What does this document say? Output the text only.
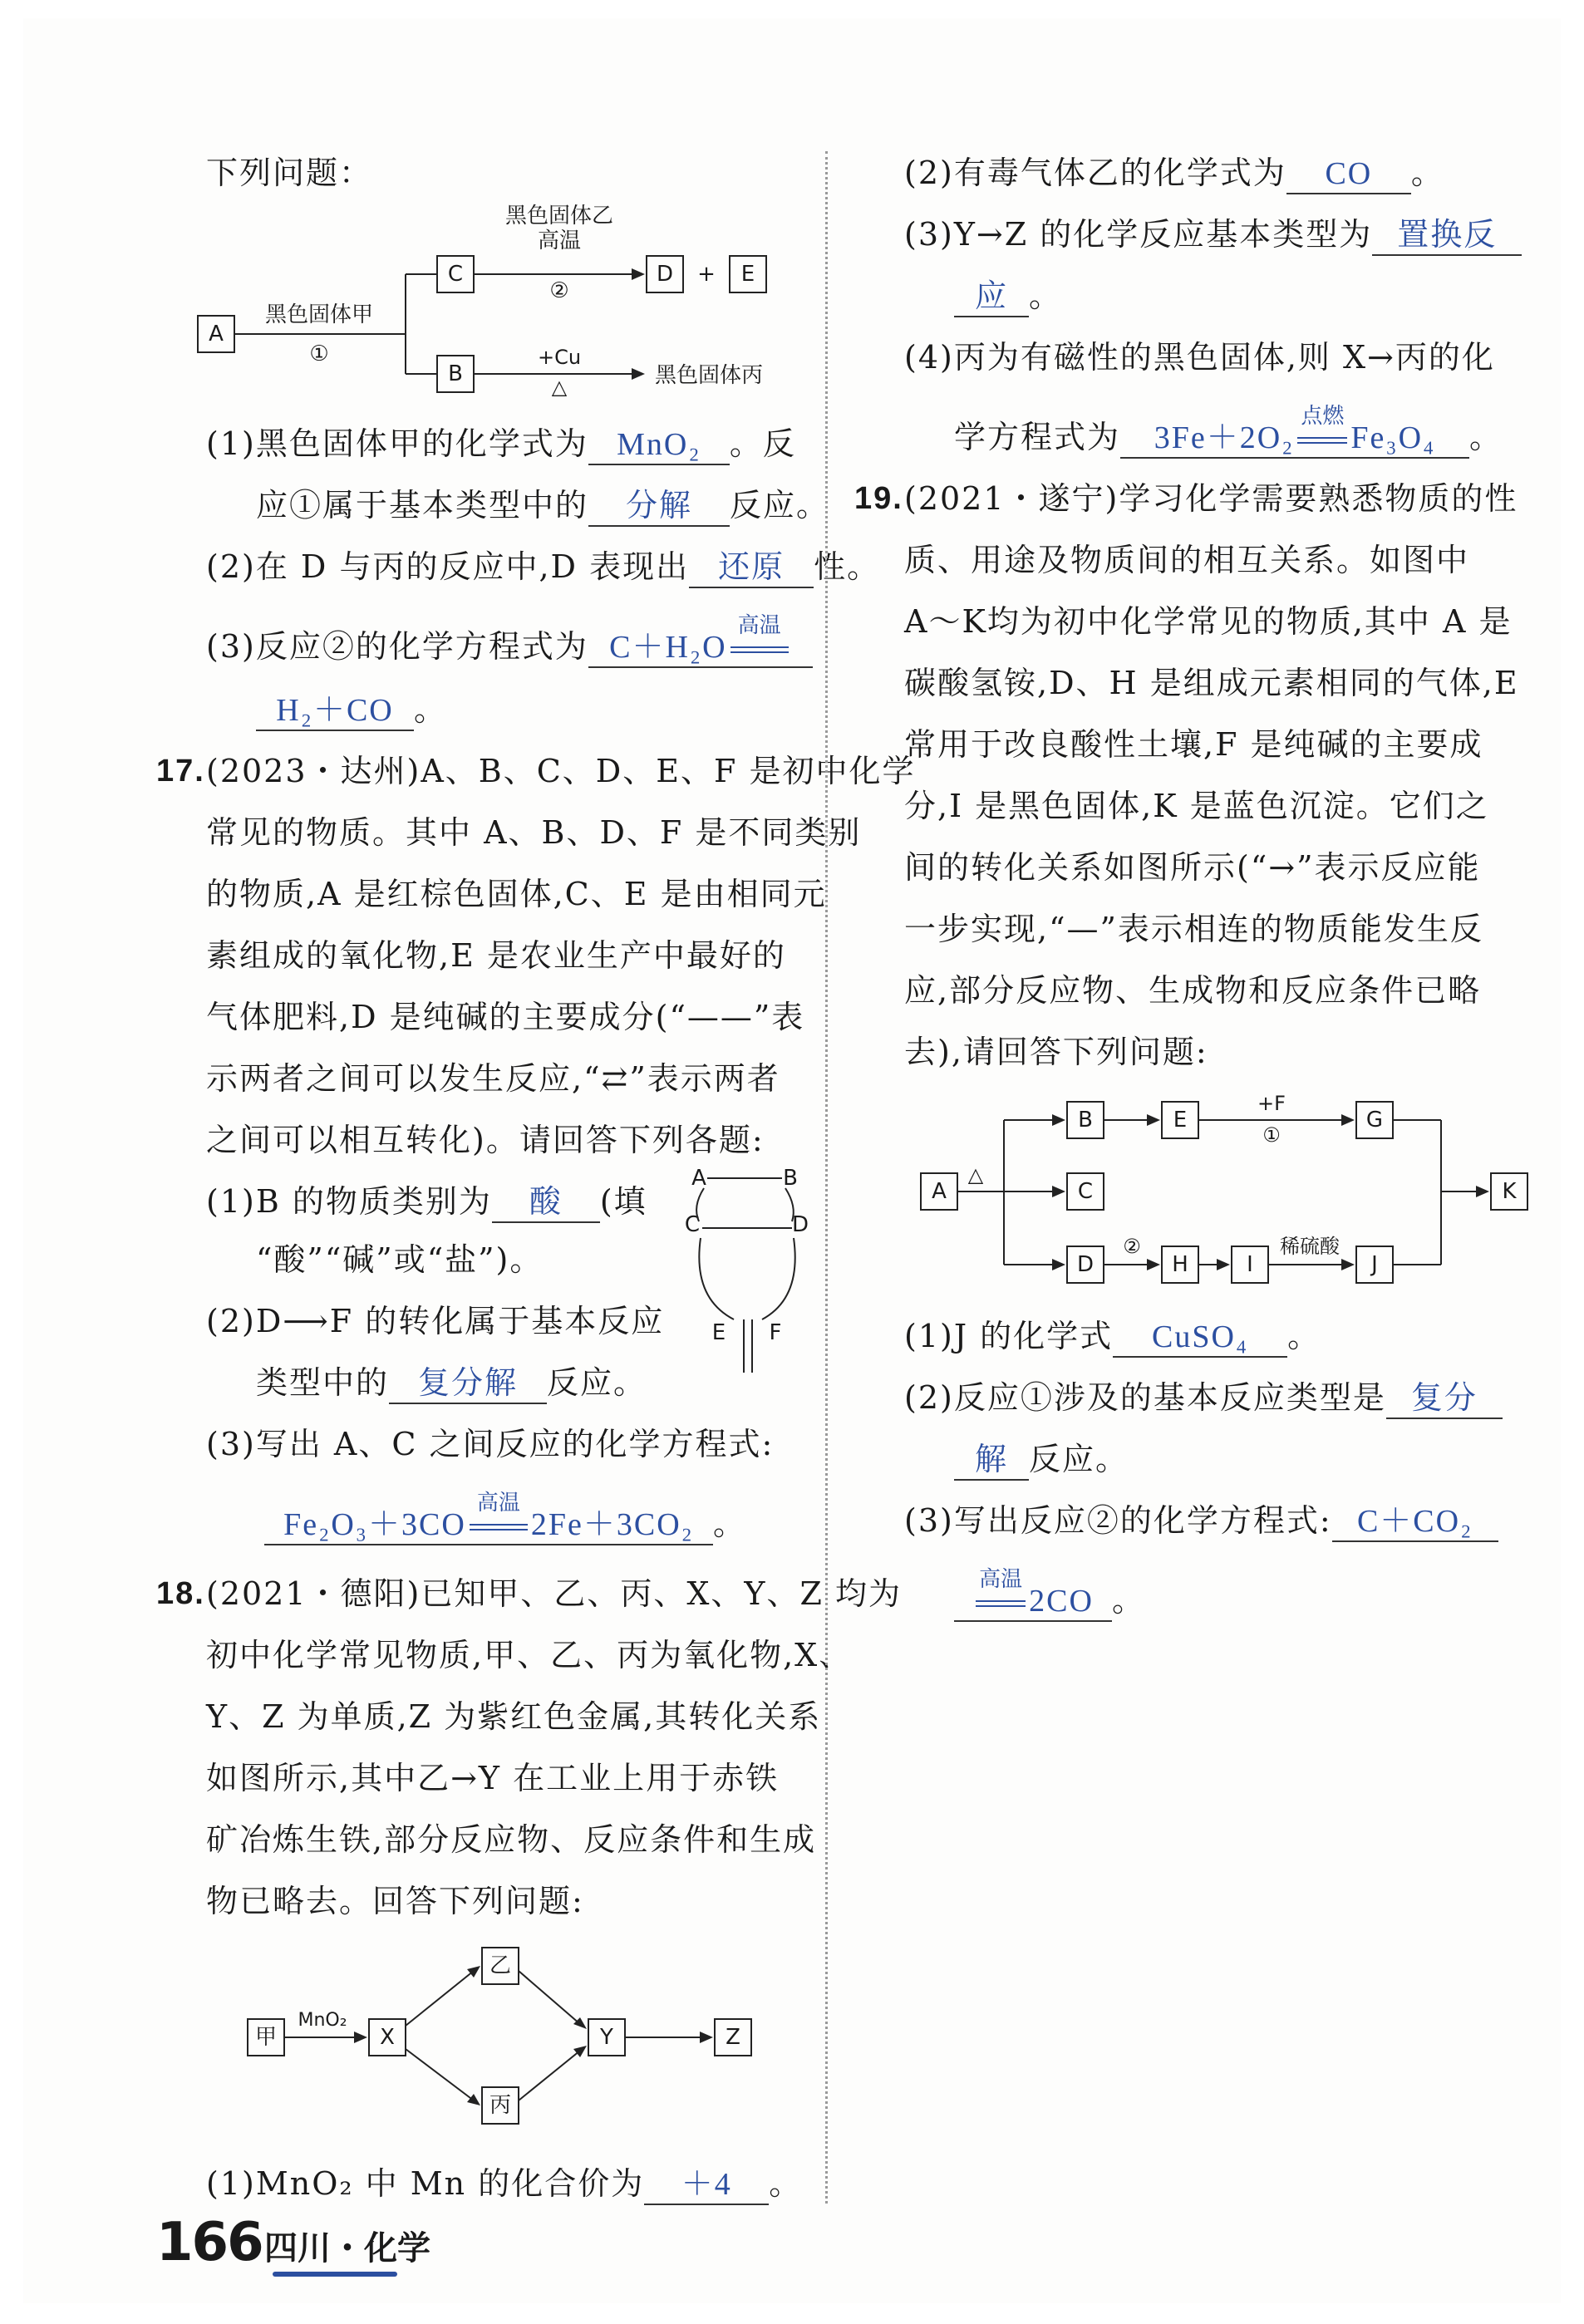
下列问题：
A
黑色固体甲
①
C
B
黑色固体乙
高温
②
D + E
+Cu
△	黑色固体丙
(1)黑色固体甲的化学式为 MnO₂ 。反
应①属于基本类型中的 分解 反应。
(2)在 D 与丙的反应中,D 表现出 还原 性。
(3)反应②的化学方程式为 C＋H₂O
高温
H₂＋CO 。
17. (2023・达州)A、B、C、D、E、F 是初中化学
常见的物质。其中 A、B、D、F 是不同类别
的物质,A 是红棕色固体,C、E 是由相同元
素组成的氧化物,E 是农业生产中最好的
气体肥料,D 是纯碱的主要成分(“——”表
示两者之间可以发生反应,“⇄”表示两者
之间可以相互转化)。请回答下列各题:
(1)B 的物质类别为 酸 (填
“酸”“碱”或“盐”)。
(2)D⟶F 的转化属于基本反应
类型中的 复分解 反应。
(3)写出 A、C 之间反应的化学方程式:
Fe₂O₃＋3CO
高温
2Fe＋3CO₂ 。
A	B
C	D
E F
18. (2021・德阳)已知甲、乙、丙、X、Y、Z 均为
初中化学常见物质,甲、乙、丙为氧化物,X、
Y、Z 为单质,Z 为紫红色金属,其转化关系
如图所示,其中乙→Y 在工业上用于赤铁
矿冶炼生铁,部分反应物、反应条件和生成
物已略去。回答下列问题:
甲
MnO₂
X
乙
丙
Y	Z
(1)MnO₂ 中 Mn 的化合价为 ＋4 。
(2)有毒气体乙的化学式为 CO 。
(3)Y→Z 的化学反应基本类型为 置换反
应 。
(4)丙为有磁性的黑色固体,则 X→丙的化
学方程式为 3Fe＋2O₂
点燃
Fe₃O₄ 。
19. (2021・遂宁)学习化学需要熟悉物质的性
质、用途及物质间的相互关系。如图中
A～K均为初中化学常见的物质,其中 A 是
碳酸氢铵,D、H 是组成元素相同的气体,E
常用于改良酸性土壤,F 是纯碱的主要成
分,I 是黑色固体,K 是蓝色沉淀。它们之
间的转化关系如图所示(“→”表示反应能
一步实现,“—”表示相连的物质能发生反
应,部分反应物、生成物和反应条件已略
去),请回答下列问题:
A
△
B
C
D
E
+F
①
G
②
H	I
稀硫酸
J
K
(1)J 的化学式 CuSO₄ 。
(2)反应①涉及的基本反应类型是 复分
解 反应。
(3)写出反应②的化学方程式: C＋CO₂
高温
2CO 。
166 四川・化学
